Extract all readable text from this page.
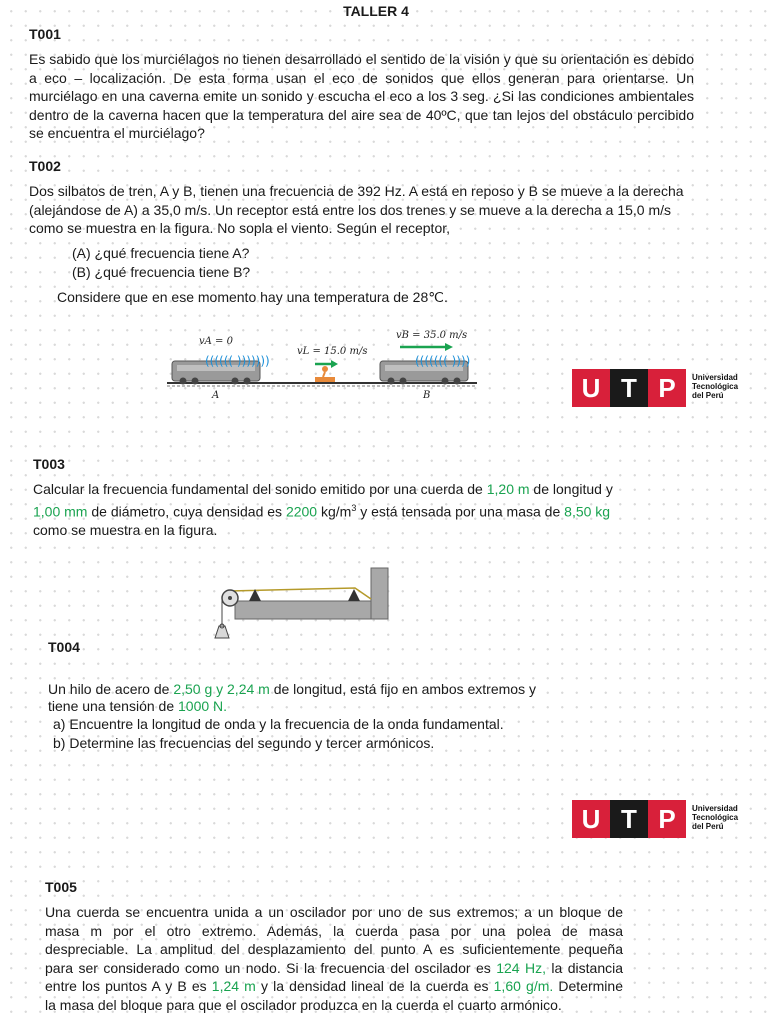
TALLER 4
T001
Es sabido que los murciélagos no tienen desarrollado el sentido de la visión y que su orientación es debido a eco – localización. De esta forma usan el eco de sonidos que ellos generan para orientarse. Un murciélago en una caverna emite un sonido y escucha el eco a los 3 seg. ¿Si las condiciones ambientales dentro de la caverna hacen que la temperatura del aire sea de 40ºC, que tan lejos del obstáculo percibido se encuentra el murciélago?
T002
Dos silbatos de tren, A y B, tienen una frecuencia de 392 Hz. A está en reposo y B se mueve a la derecha
(alejándose de A) a 35,0 m/s. Un receptor está entre los dos trenes y se mueve a la derecha a 15,0 m/s
como se muestra en la figura. No sopla el viento. Según el receptor,
(A) ¿qué frecuencia tiene A?
(B) ¿qué frecuencia tiene B?
Considere que en ese momento hay una temperatura de 28℃.
(((((( )))))))	((((((( ))))
vA = 0
vL = 15.0 m/s
vB = 35.0 m/s
A	B	U T P	Universidad
Tecnológica
del Perú
T003
Calcular la frecuencia fundamental del sonido emitido por una cuerda de 1,20 m de longitud y
1,00 mm de diámetro, cuya densidad es 2200 $kg/m^3$ y está tensada por una masa de 8,50 kg
como se muestra en la figura.
T004
Un hilo de acero de 2,50 g y 2,24 m de longitud, está fijo en ambos extremos y
tiene una tensión de 1000 N.
a) Encuentre la longitud de onda y la frecuencia de la onda fundamental.
b) Determine las frecuencias del segundo y tercer armónicos.
U T P	Universidad
Tecnológica
del Perú
T005
Una cuerda se encuentra unida a un oscilador por uno de sus extremos; a un bloque de
masa m por el otro extremo. Además, la cuerda pasa por una polea de masa
despreciable. La amplitud del desplazamiento del punto A es suficientemente pequeña
para ser considerado como un nodo. Si la frecuencia del oscilador es 124 Hz, la distancia
entre los puntos A y B es 1,24 m y la densidad lineal de la cuerda es 1,60 g/m. Determine
la masa del bloque para que el oscilador produzca en la cuerda el cuarto armónico.
